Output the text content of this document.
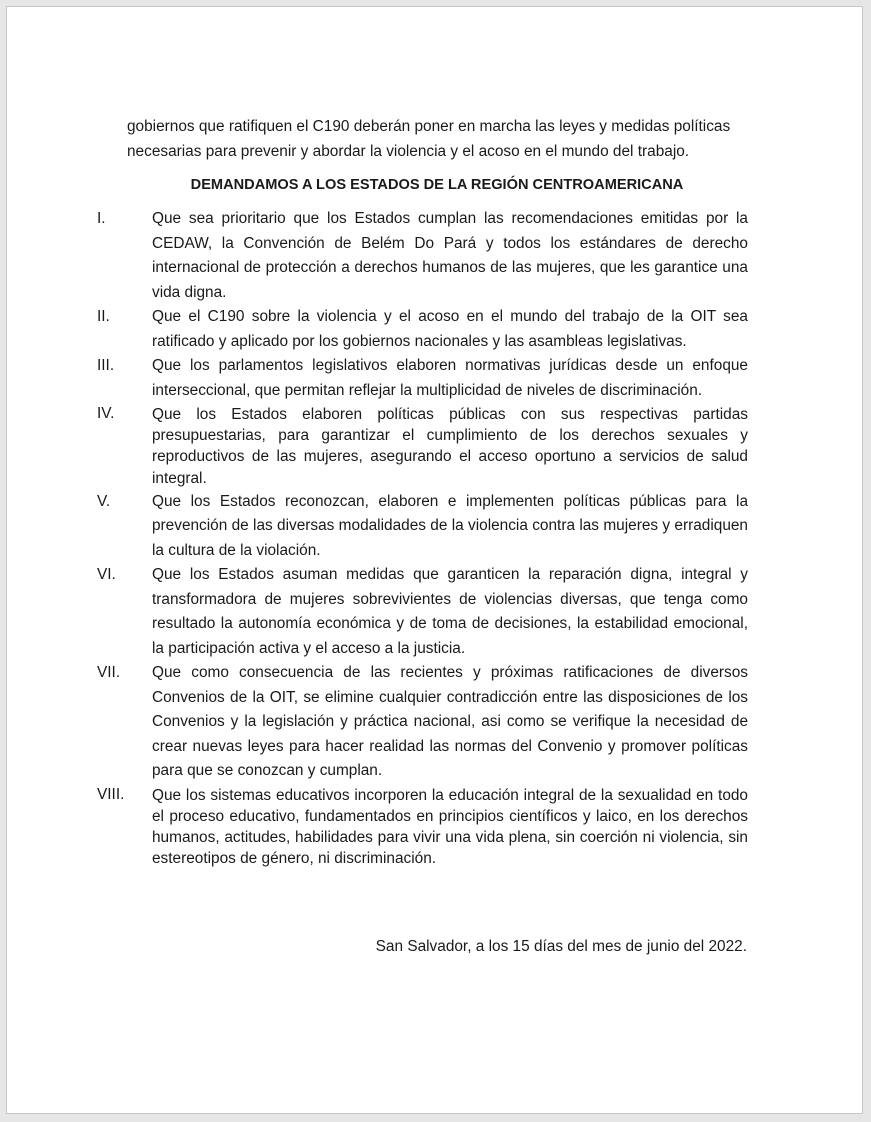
gobiernos que ratifiquen el C190 deberán poner en marcha las leyes y medidas políticas necesarias para prevenir y abordar la violencia y el acoso en el mundo del trabajo.

DEMANDAMOS A LOS ESTADOS DE LA REGIÓN CENTROAMERICANA

I.	Que sea prioritario que los Estados cumplan las recomendaciones emitidas por la CEDAW, la Convención de Belém Do Pará y todos los estándares de derecho internacional de protección a derechos humanos de las mujeres, que les garantice una vida digna.
II.	Que el C190 sobre la violencia y el acoso en el mundo del trabajo de la OIT sea ratificado y aplicado por los gobiernos nacionales y las asambleas legislativas.
III.	Que los parlamentos legislativos elaboren normativas jurídicas desde un enfoque interseccional, que permitan reflejar la multiplicidad de niveles de discriminación.
IV.	Que los Estados elaboren políticas públicas con sus respectivas partidas presupuestarias, para garantizar el cumplimiento de los derechos sexuales y reproductivos de las mujeres, asegurando el acceso oportuno a servicios de salud integral.
V.	Que los Estados reconozcan, elaboren e implementen políticas públicas para la prevención de las diversas modalidades de la violencia contra las mujeres y erradiquen la cultura de la violación.
VI.	Que los Estados asuman medidas que garanticen la reparación digna, integral y transformadora de mujeres sobrevivientes de violencias diversas, que tenga como resultado la autonomía económica y de toma de decisiones, la estabilidad emocional, la participación activa y el acceso a la justicia.
VII.	Que como consecuencia de las recientes y próximas ratificaciones de diversos Convenios de la OIT, se elimine cualquier contradicción entre las disposiciones de los Convenios y la legislación y práctica nacional, asi como se verifique la necesidad de crear nuevas leyes para hacer realidad las normas del Convenio y promover políticas para que se conozcan y cumplan.
VIII.	Que los sistemas educativos incorporen la educación integral de la sexualidad en todo el proceso educativo, fundamentados en principios científicos y laico, en los derechos humanos, actitudes, habilidades para vivir una vida plena, sin coerción ni violencia, sin estereotipos de género, ni discriminación.

San Salvador, a los 15 días del mes de junio del 2022.
